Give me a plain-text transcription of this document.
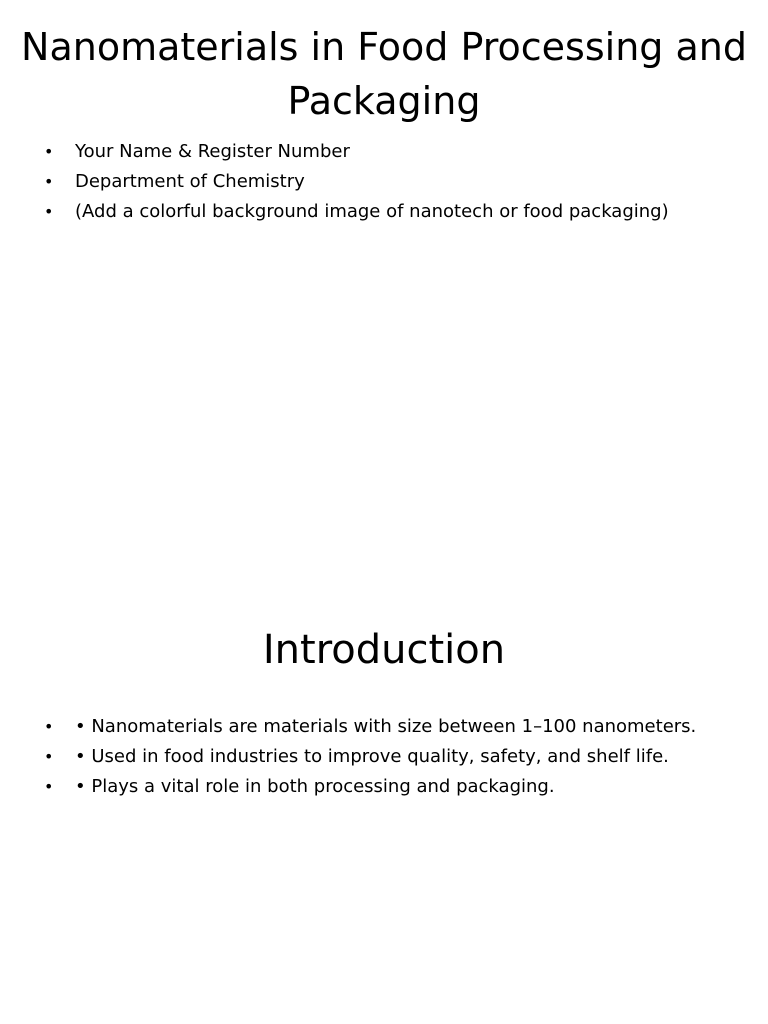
Nanomaterials in Food Processing and Packaging
•	Your Name & Register Number
•	Department of Chemistry
•	(Add a colorful background image of nanotech or food packaging)
Introduction
•	• Nanomaterials are materials with size between 1–100 nanometers.
•	• Used in food industries to improve quality, safety, and shelf life.
•	• Plays a vital role in both processing and packaging.
